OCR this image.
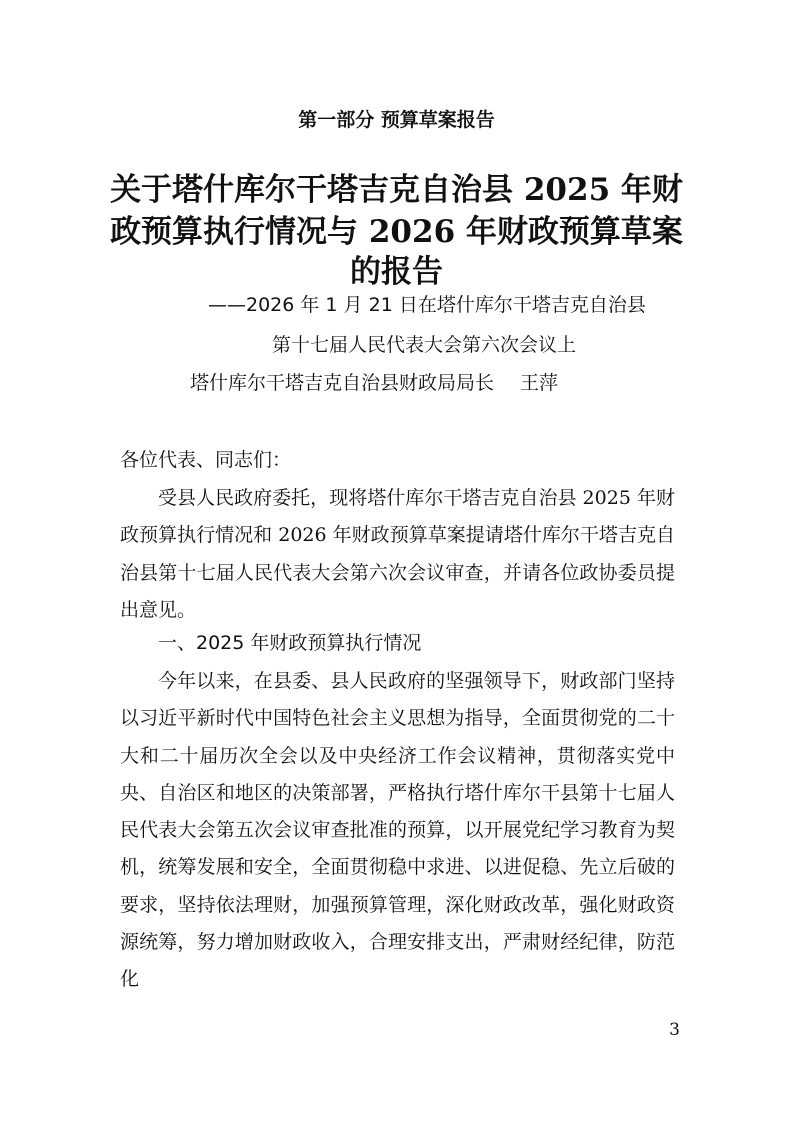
第一部分 预算草案报告
关于塔什库尔干塔吉克自治县 2025 年财
政预算执行情况与 2026 年财政预算草案
的报告
——2026 年 1 月 21 日在塔什库尔干塔吉克自治县
第十七届人民代表大会第六次会议上
塔什库尔干塔吉克自治县财政局局长 王萍
各位代表、同志们：

受县人民政府委托，现将塔什库尔干塔吉克自治县 2025 年财政预算执行情况和 2026 年财政预算草案提请塔什库尔干塔吉克自治县第十七届人民代表大会第六次会议审查，并请各位政协委员提出意见。

一、2025 年财政预算执行情况

今年以来，在县委、县人民政府的坚强领导下，财政部门坚持以习近平新时代中国特色社会主义思想为指导，全面贯彻党的二十大和二十届历次全会以及中央经济工作会议精神，贯彻落实党中央、自治区和地区的决策部署，严格执行塔什库尔干县第十七届人民代表大会第五次会议审查批准的预算，以开展党纪学习教育为契机，统筹发展和安全，全面贯彻稳中求进、以进促稳、先立后破的要求，坚持依法理财，加强预算管理，深化财政改革，强化财政资源统筹，努力增加财政收入，合理安排支出，严肃财经纪律，防范化

3
